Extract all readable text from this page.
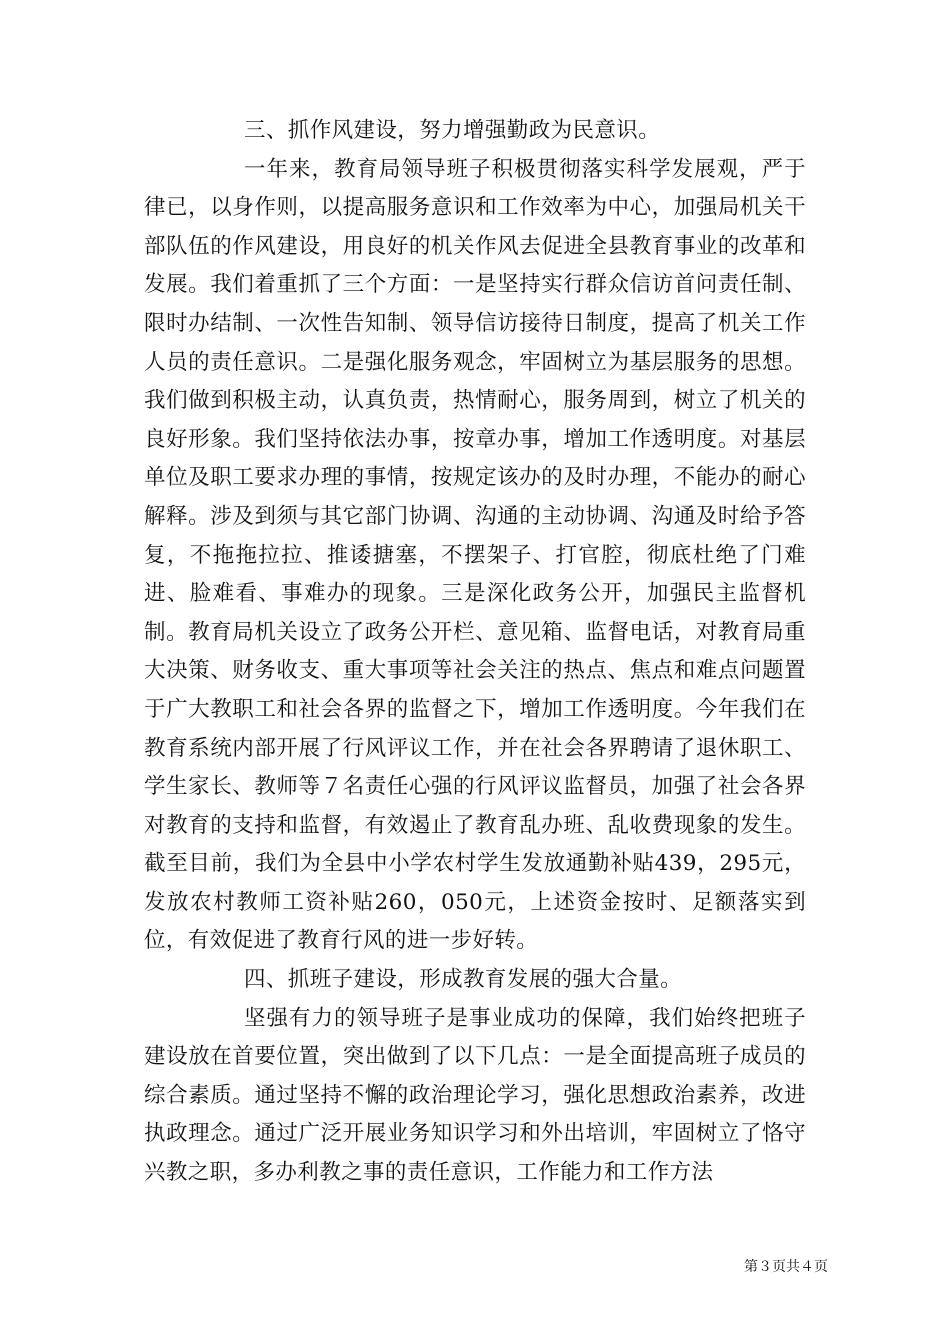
三、抓作风建设，努力增强勤政为民意识。

一年来，教育局领导班子积极贯彻落实科学发展观，严于律已，以身作则，以提高服务意识和工作效率为中心，加强局机关干部队伍的作风建设，用良好的机关作风去促进全县教育事业的改革和发展。我们着重抓了三个方面：一是坚持实行群众信访首问责任制、限时办结制、一次性告知制、领导信访接待日制度，提高了机关工作人员的责任意识。二是强化服务观念，牢固树立为基层服务的思想。我们做到积极主动，认真负责，热情耐心，服务周到，树立了机关的良好形象。我们坚持依法办事，按章办事，增加工作透明度。对基层单位及职工要求办理的事情，按规定该办的及时办理，不能办的耐心解释。涉及到须与其它部门协调、沟通的主动协调、沟通及时给予答复，不拖拖拉拉、推诿搪塞，不摆架子、打官腔，彻底杜绝了门难进、脸难看、事难办的现象。三是深化政务公开，加强民主监督机制。教育局机关设立了政务公开栏、意见箱、监督电话，对教育局重大决策、财务收支、重大事项等社会关注的热点、焦点和难点问题置于广大教职工和社会各界的监督之下，增加工作透明度。今年我们在教育系统内部开展了行风评议工作，并在社会各界聘请了退休职工、学生家长、教师等７名责任心强的行风评议监督员，加强了社会各界对教育的支持和监督，有效遏止了教育乱办班、乱收费现象的发生。截至目前，我们为全县中小学农村学生发放通勤补贴439，295元，发放农村教师工资补贴260，050元，上述资金按时、足额落实到位，有效促进了教育行风的进一步好转。

四、抓班子建设，形成教育发展的强大合量。

坚强有力的领导班子是事业成功的保障，我们始终把班子建设放在首要位置，突出做到了以下几点：一是全面提高班子成员的综合素质。通过坚持不懈的政治理论学习，强化思想政治素养，改进执政理念。通过广泛开展业务知识学习和外出培训，牢固树立了恪守兴教之职，多办利教之事的责任意识，工作能力和工作方法

第３页共４页
